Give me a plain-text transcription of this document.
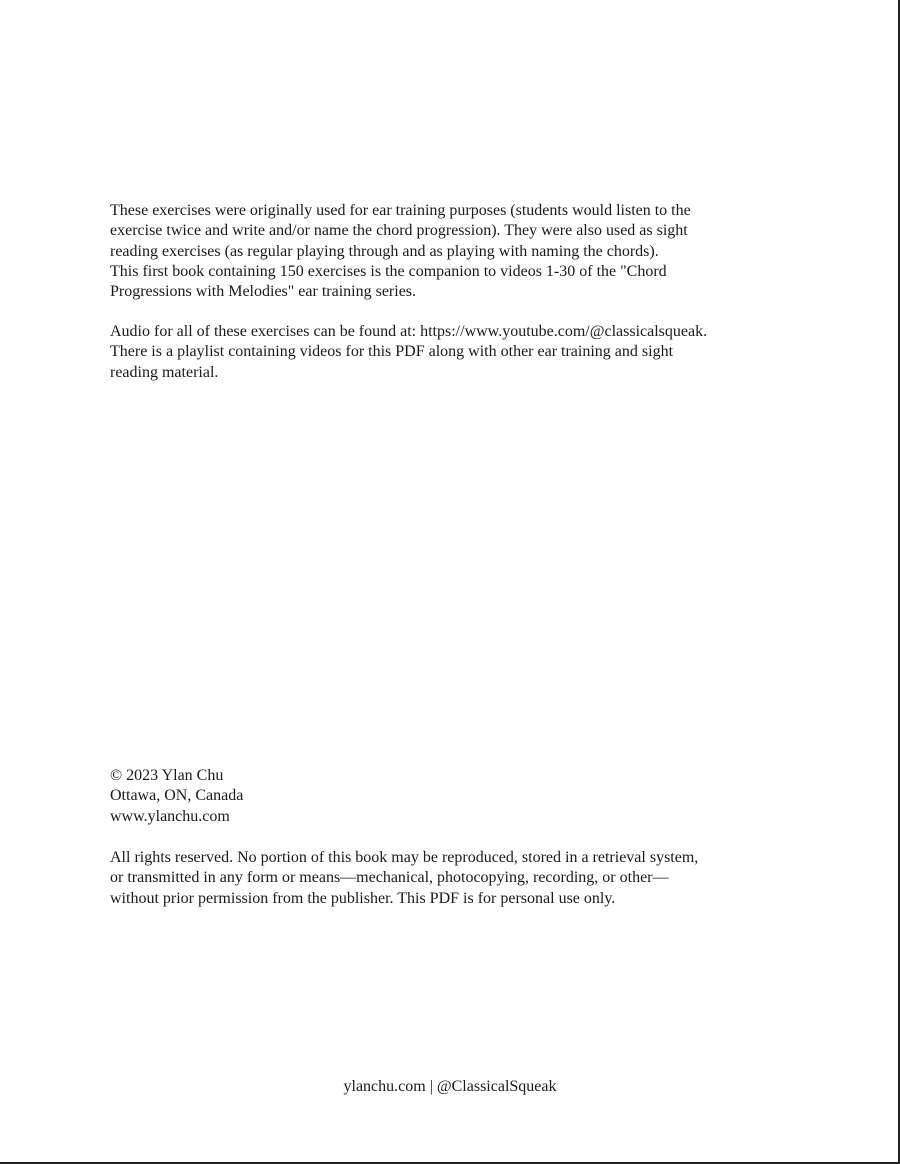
These exercises were originally used for ear training purposes (students would listen to the
exercise twice and write and/or name the chord progression). They were also used as sight
reading exercises (as regular playing through and as playing with naming the chords).
This first book containing 150 exercises is the companion to videos 1-30 of the "Chord
Progressions with Melodies" ear training series.
Audio for all of these exercises can be found at: https://www.youtube.com/@classicalsqueak.
There is a playlist containing videos for this PDF along with other ear training and sight
reading material.
© 2023 Ylan Chu
Ottawa, ON, Canada
www.ylanchu.com
All rights reserved. No portion of this book may be reproduced, stored in a retrieval system,
or transmitted in any form or means—mechanical, photocopying, recording, or other—
without prior permission from the publisher. This PDF is for personal use only.
ylanchu.com | @ClassicalSqueak
